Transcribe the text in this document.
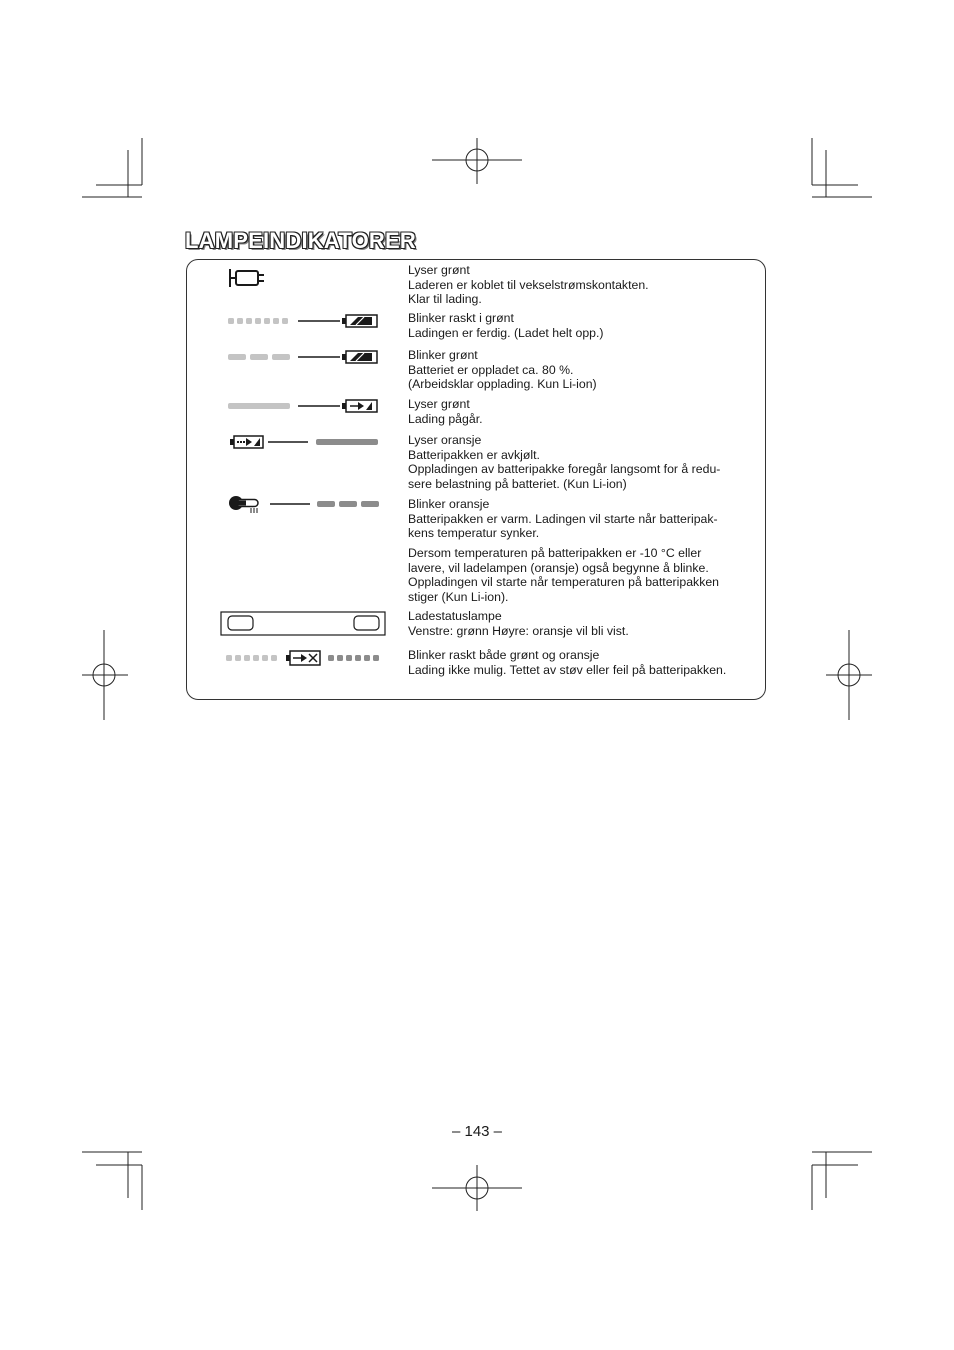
LAMPEINDIKATORER
Lyser grønt
Laderen er koblet til vekselstrømskontakten.
Klar til lading.
Blinker raskt i grønt
Ladingen er ferdig. (Ladet helt opp.)
Blinker grønt
Batteriet er oppladet ca. 80 %.
(Arbeidsklar opplading. Kun Li-ion)
Lyser grønt
Lading pågår.
Lyser oransje
Batteripakken er avkjølt.
Oppladingen av batteripakke foregår langsomt for å redu-
sere belastning på batteriet. (Kun Li-ion)
Blinker oransje
Batteripakken er varm. Ladingen vil starte når batteripak-
kens temperatur synker.
Dersom temperaturen på batteripakken er -10 °C eller
lavere, vil ladelampen (oransje) også begynne å blinke.
Oppladingen vil starte når temperaturen på batteripakken
stiger (Kun Li-ion).
Ladestatuslampe
Venstre: grønn Høyre: oransje vil bli vist.
Blinker raskt både grønt og oransje
Lading ikke mulig. Tettet av støv eller feil på batteripakken.
– 143 –
